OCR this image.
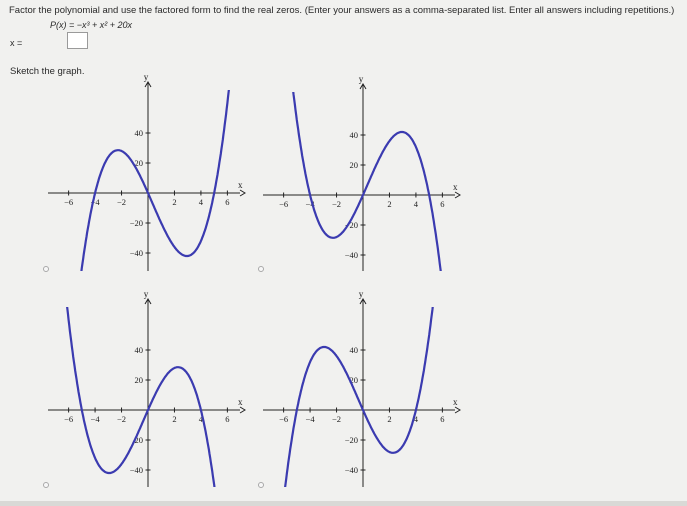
Factor the polynomial and use the factored form to find the real zeros. (Enter your answers as a comma-separated list. Enter all answers including repetitions.)
P(x) = −x³ + x² + 20x
x =
Sketch the graph.
x
y
−6 −4 −2	2	4	6
−40
−20
20
40
x
y
−6 −4 −2	2	4	6
−40
−20
20
40
x
y
−6 −4 −2	2	4	6
−40
20
20
40
x
y
−6 −4 −2	2	4	6
−40
−20
20
40
